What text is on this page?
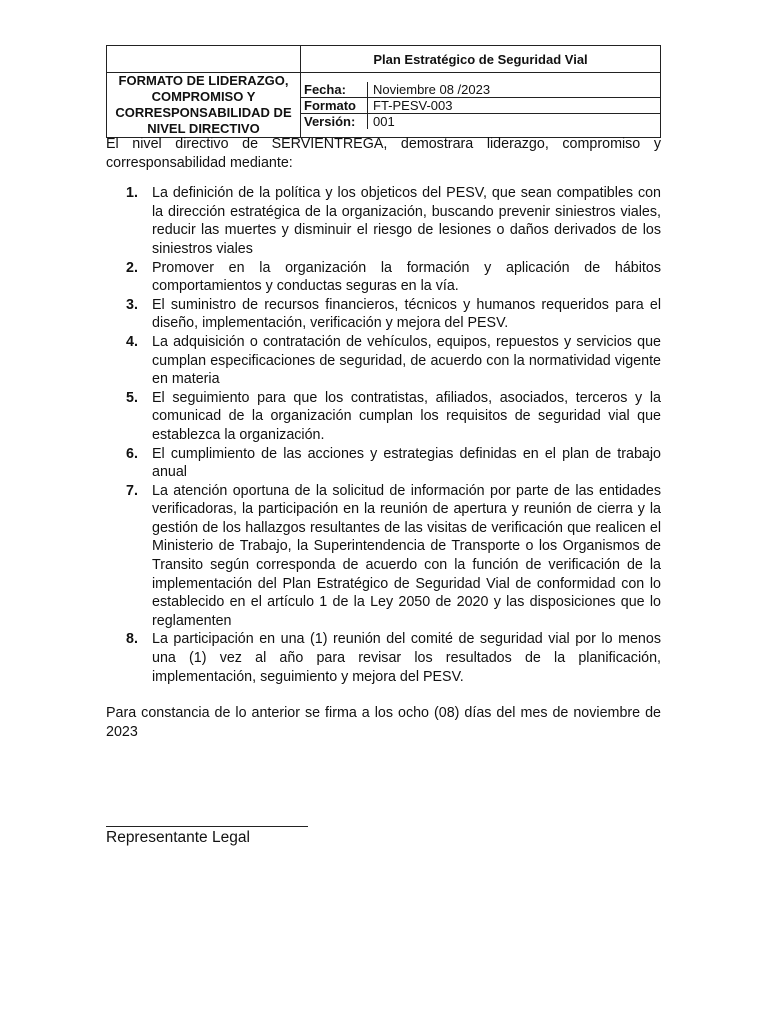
	Plan Estratégico de Seguridad Vial
FORMATO DE LIDERAZGO, COMPROMISO Y CORRESPONSABILIDAD DE NIVEL DIRECTIVO	
Fecha:	Noviembre 08 /2023
Formato	FT-PESV-003
Versión:	001

El nivel directivo de SERVIENTREGA, demostrara liderazgo, compromiso y corresponsabilidad mediante:

1. La definición de la política y los objeticos del PESV, que sean compatibles con la dirección estratégica de la organización, buscando prevenir siniestros viales, reducir las muertes y disminuir el riesgo de lesiones o daños derivados de los siniestros viales
2. Promover en la organización la formación y aplicación de hábitos comportamientos y conductas seguras en la vía.
3. El suministro de recursos financieros, técnicos y humanos requeridos para el diseño, implementación, verificación y mejora del PESV.
4. La adquisición o contratación de vehículos, equipos, repuestos y servicios que cumplan especificaciones de seguridad, de acuerdo con la normatividad vigente en materia
5. El seguimiento para que los contratistas, afiliados, asociados, terceros y la comunicad de la organización cumplan los requisitos de seguridad vial que establezca la organización.
6. El cumplimiento de las acciones y estrategias definidas en el plan de trabajo anual
7. La atención oportuna de la solicitud de información por parte de las entidades verificadoras, la participación en la reunión de apertura y reunión de cierra y la gestión de los hallazgos resultantes de las visitas de verificación que realicen el Ministerio de Trabajo, la Superintendencia de Transporte o los Organismos de Transito según corresponda de acuerdo con la función de verificación de la implementación del Plan Estratégico de Seguridad Vial de conformidad con lo establecido en el artículo 1 de la Ley 2050 de 2020 y las disposiciones que lo reglamenten
8. La participación en una (1) reunión del comité de seguridad vial por lo menos una (1) vez al año para revisar los resultados de la planificación, implementación, seguimiento y mejora del PESV.

Para constancia de lo anterior se firma a los ocho (08) días del mes de noviembre de 2023

Representante Legal
